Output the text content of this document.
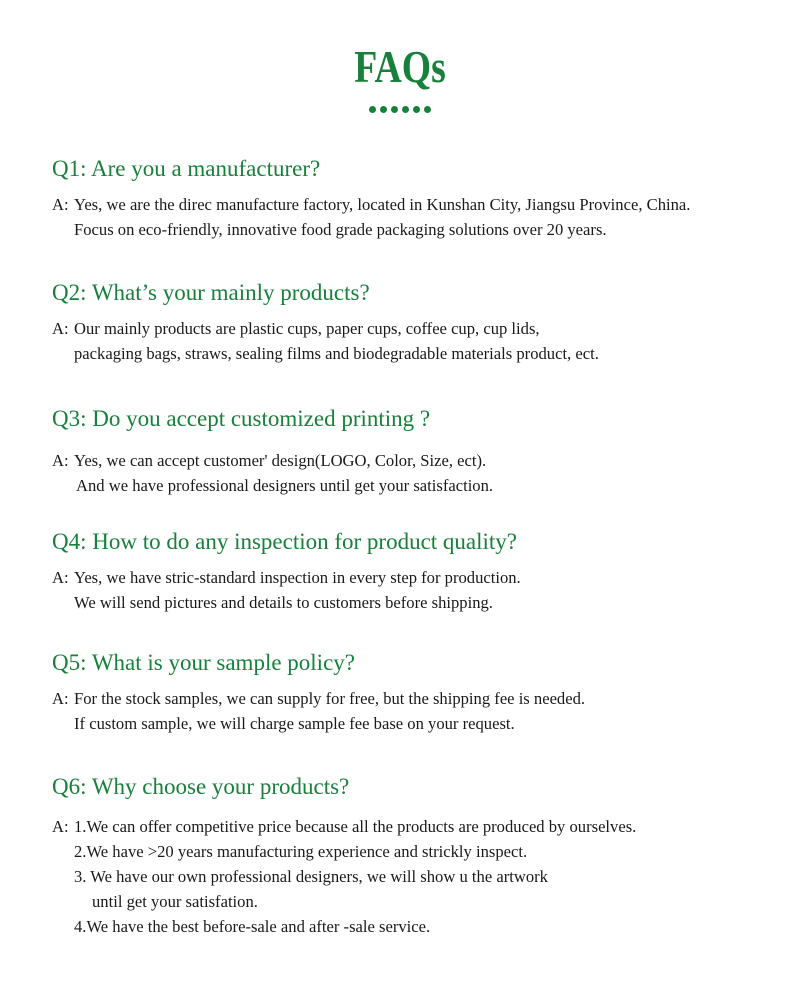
FAQs
Q1: Are you a manufacturer?
A: Yes, we are the direc manufacture factory, located in Kunshan City, Jiangsu Province, China.
Focus on eco-friendly, innovative food grade packaging solutions over 20 years.
Q2: What’s your mainly products?
A: Our mainly products are plastic cups, paper cups, coffee cup, cup lids,
packaging bags, straws, sealing films and biodegradable materials product, ect.
Q3: Do you accept customized printing ?
A: Yes, we can accept customer' design(LOGO, Color, Size, ect).
And we have professional designers until get your satisfaction.
Q4: How to do any inspection for product quality?
A: Yes, we have stric-standard inspection in every step for production.
We will send pictures and details to customers before shipping.
Q5: What is your sample policy?
A: For the stock samples, we can supply for free, but the shipping fee is needed.
If custom sample, we will charge sample fee base on your request.
Q6: Why choose your products?
A: 1.We can offer competitive price because all the products are produced by ourselves.
2.We have >20 years manufacturing experience and strickly inspect.
3. We have our own professional designers, we will show u the artwork
until get your satisfation.
4.We have the best before-sale and after -sale service.
